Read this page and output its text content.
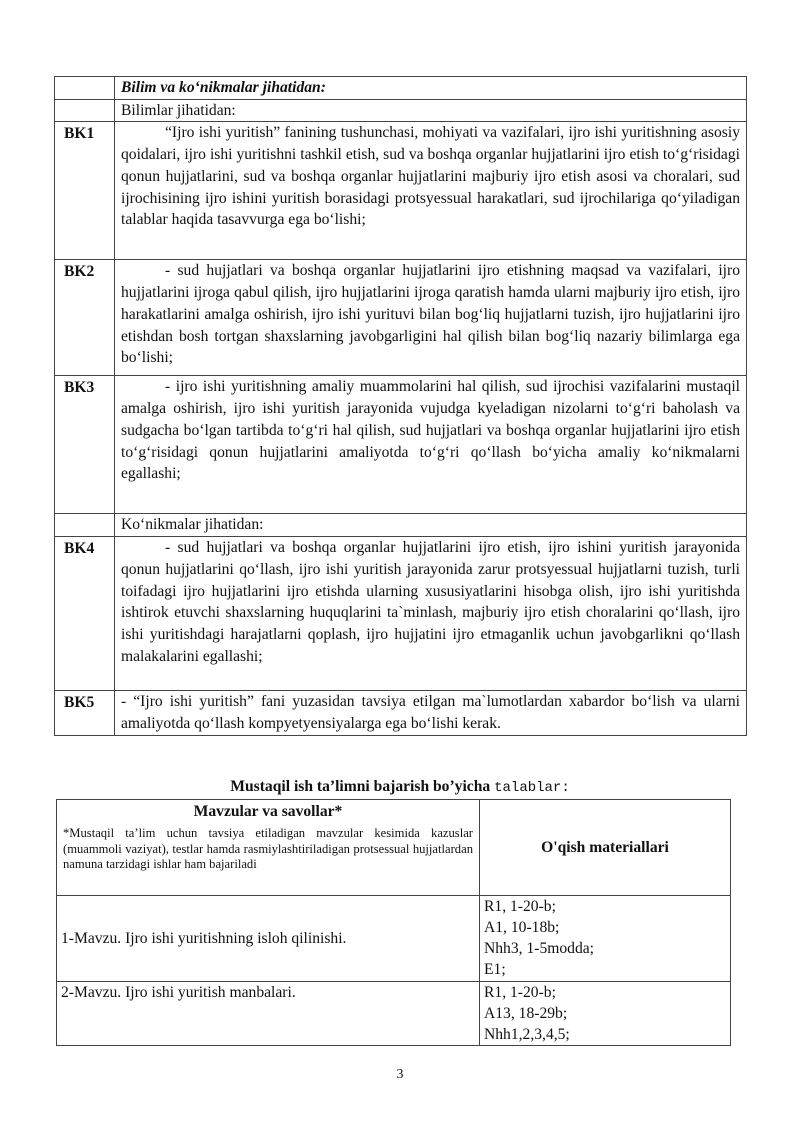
	Bilim va ko‘nikmalar jihatidan:
	Bilimlar jihatidan:
BK1	“Ijro ishi yuritish” fanining tushunchasi, mohiyati va vazifalari, ijro ishi yuritishning asosiy qoidalari, ijro ishi yuritishni tashkil etish, sud va boshqa organlar hujjatlarini ijro etish to‘g‘risidagi qonun hujjatlarini, sud va boshqa organlar hujjatlarini majburiy ijro etish asosi va choralari, sud ijrochisining ijro ishini yuritish borasidagi protsyessual harakatlari, sud ijrochilariga qo‘yiladigan talablar haqida tasavvurga ega bo‘lishi;
BK2	- sud hujjatlari va boshqa organlar hujjatlarini ijro etishning maqsad va vazifalari, ijro hujjatlarini ijroga qabul qilish, ijro hujjatlarini ijroga qaratish hamda ularni majburiy ijro etish, ijro harakatlarini amalga oshirish, ijro ishi yurituvi bilan bog‘liq hujjatlarni tuzish, ijro hujjatlarini ijro etishdan bosh tortgan shaxslarning javobgarligini hal qilish bilan bog‘liq nazariy bilimlarga ega bo‘lishi;
BK3	- ijro ishi yuritishning amaliy muammolarini hal qilish, sud ijrochisi vazifalarini mustaqil amalga oshirish, ijro ishi yuritish jarayonida vujudga kyeladigan nizolarni to‘g‘ri baholash va sudgacha bo‘lgan tartibda to‘g‘ri hal qilish, sud hujjatlari va boshqa organlar hujjatlarini ijro etish to‘g‘risidagi qonun hujjatlarini amaliyotda to‘g‘ri qo‘llash bo‘yicha amaliy ko‘nikmalarni egallashi;
	Ko‘nikmalar jihatidan:
BK4	- sud hujjatlari va boshqa organlar hujjatlarini ijro etish, ijro ishini yuritish jarayonida qonun hujjatlarini qo‘llash, ijro ishi yuritish jarayonida zarur protsyessual hujjatlarni tuzish, turli toifadagi ijro hujjatlarini ijro etishda ularning xususiyatlarini hisobga olish, ijro ishi yuritishda ishtirok etuvchi shaxslarning huquqlarini ta`minlash, majburiy ijro etish choralarini qo‘llash, ijro ishi yuritishdagi harajatlarni qoplash, ijro hujjatini ijro etmaganlik uchun javobgarlikni qo‘llash malakalarini egallashi;
BK5	- “Ijro ishi yuritish” fani yuzasidan tavsiya etilgan ma`lumotlardan xabardor bo‘lish va ularni amaliyotda qo‘llash kompyetyensiyalarga ega bo‘lishi kerak.
Mustaqil ish ta’limni bajarish bo’yicha talablar:
Mavzular va savollar*
*Mustaqil ta’lim uchun tavsiya etiladigan mavzular kesimida kazuslar (muammoli vaziyat), testlar hamda rasmiylashtiriladigan protsessual hujjatlardan namuna tarzidagi ishlar ham bajariladi	O'qish materiallari
1-Mavzu. Ijro ishi yuritishning isloh qilinishi.	R1, 1-20-b;
A1, 10-18b;
Nhh3, 1-5modda;
E1;

2-Mavzu. Ijro ishi yuritish manbalari.	R1, 1-20-b;
A13, 18-29b;
Nhh1,2,3,4,5;
3
